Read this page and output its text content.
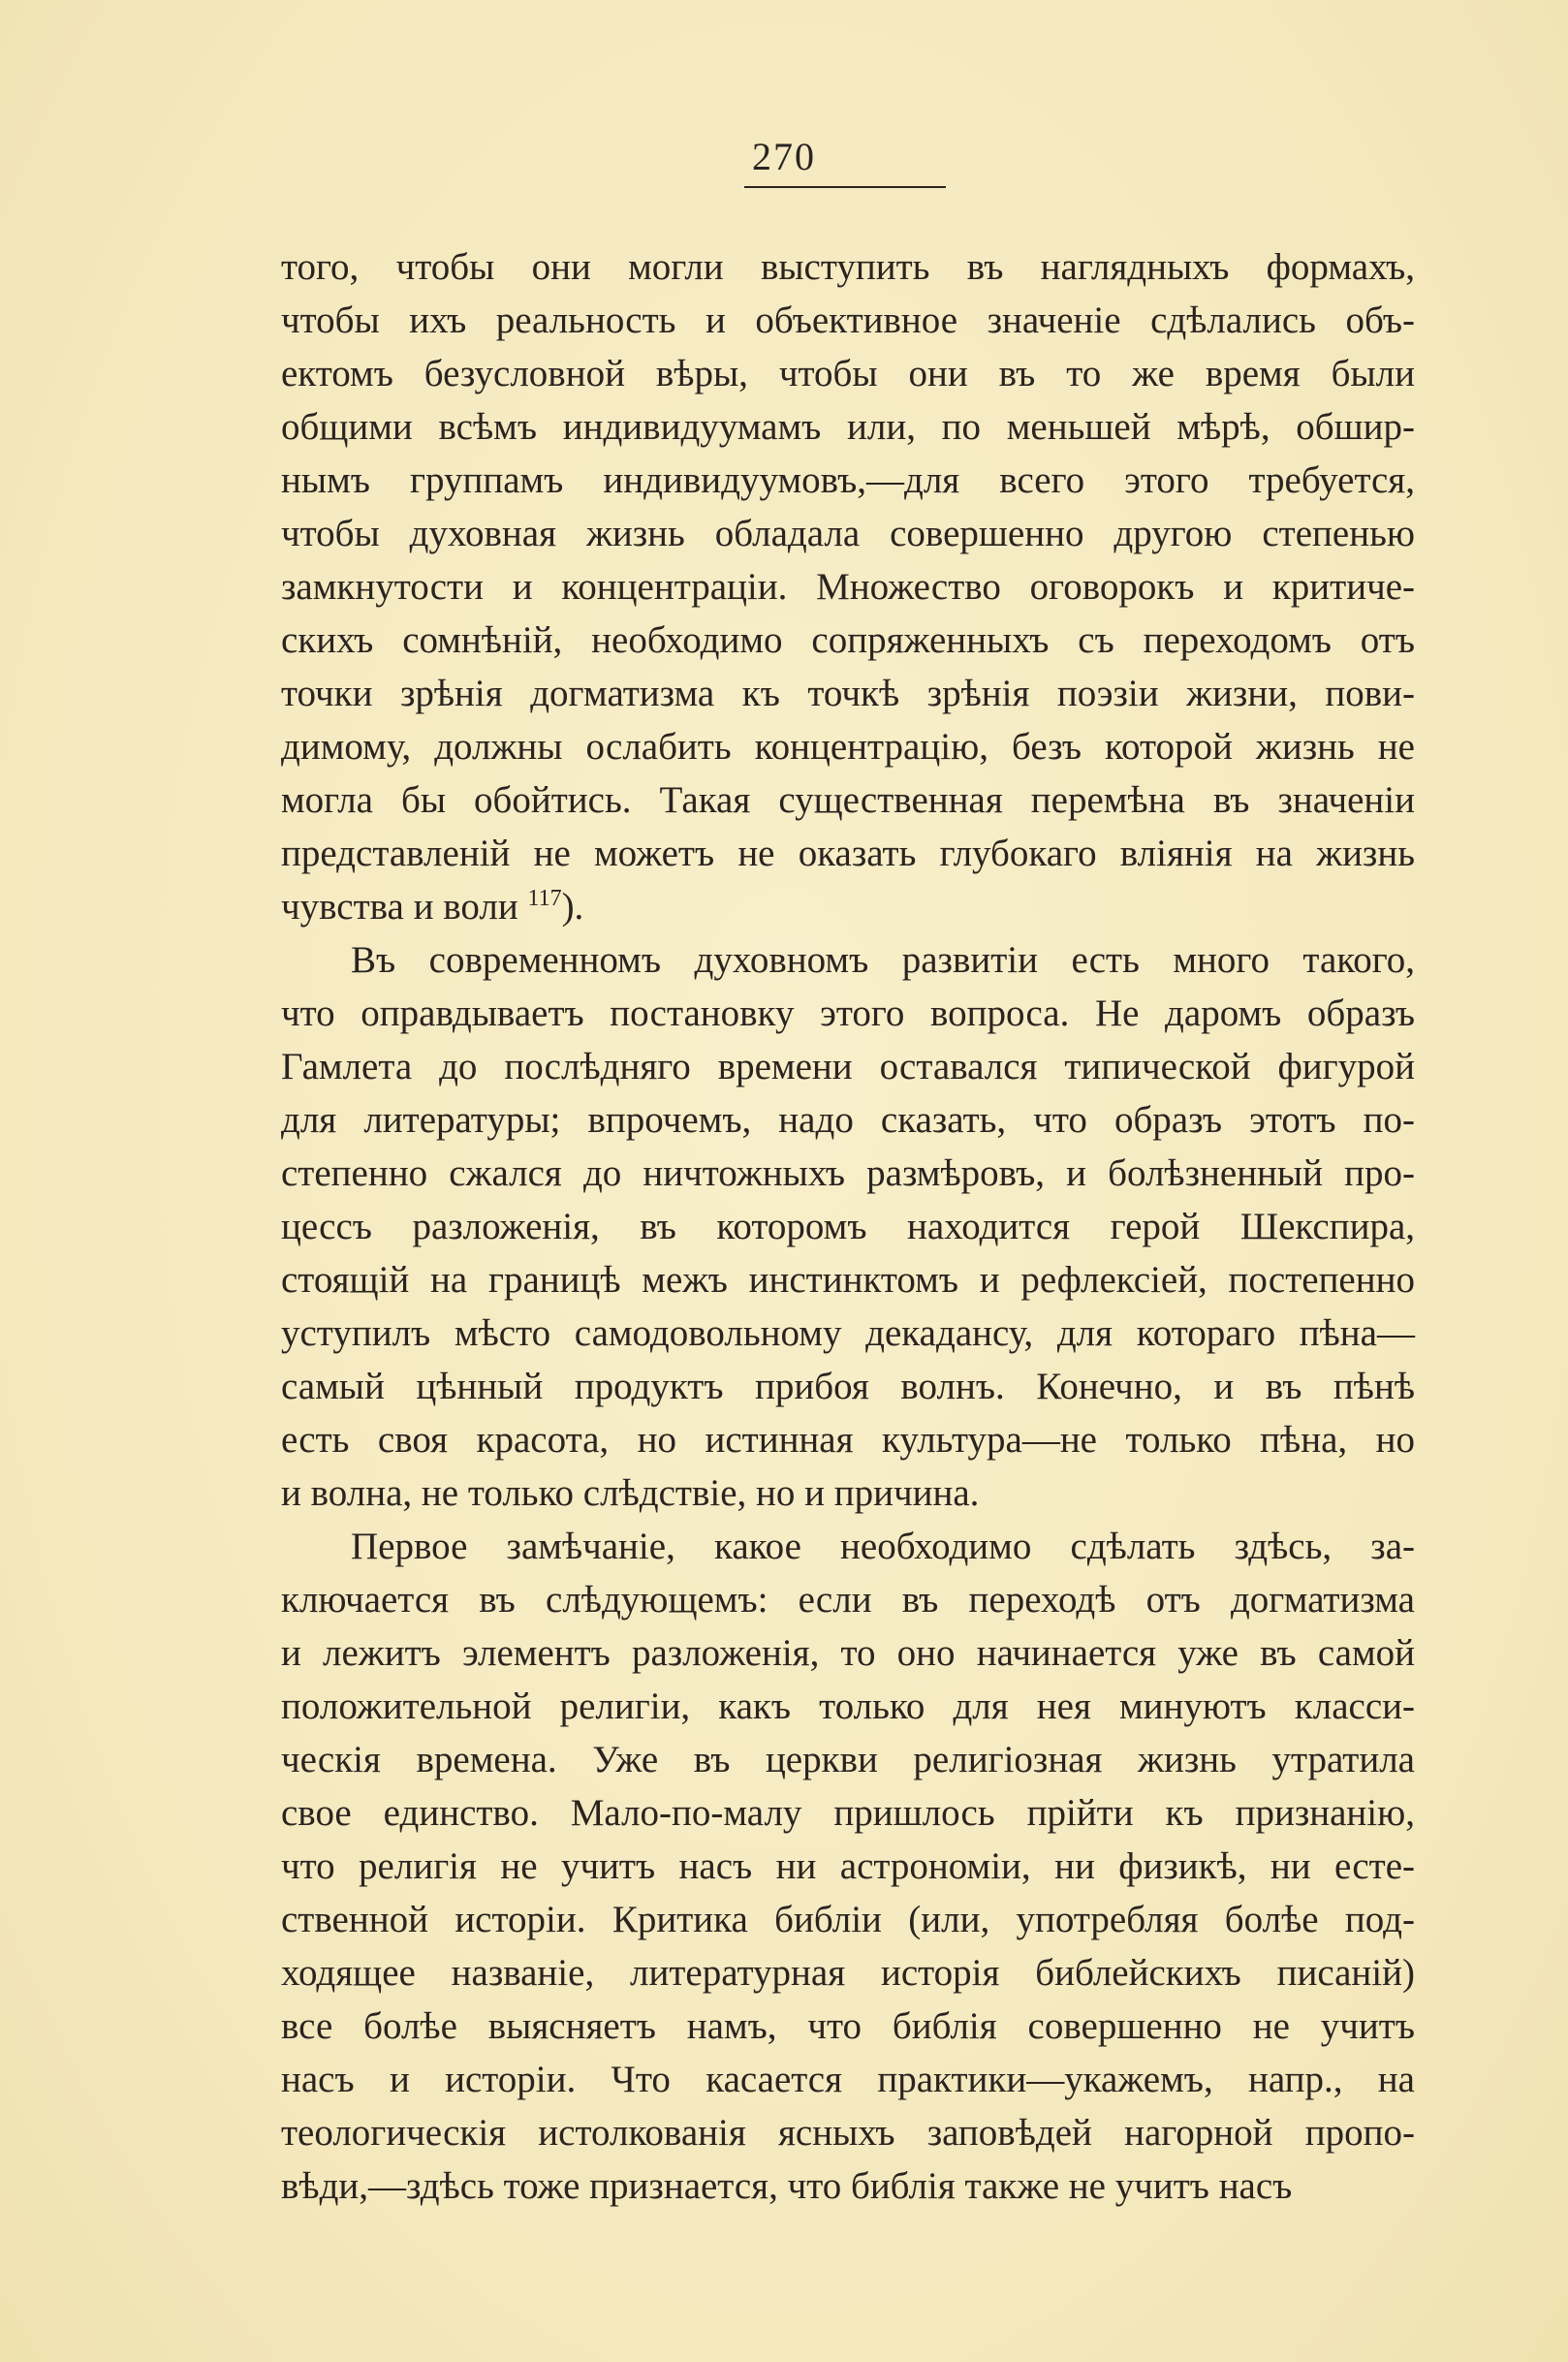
270
того, чтобы они могли выступить въ наглядныхъ формахъ,
чтобы ихъ реальность и объективное значенiе сдѣлались объ-
ектомъ безусловной вѣры, чтобы они въ то же время были
общими всѣмъ индивидуумамъ или, по меньшей мѣрѣ, обшир-
нымъ группамъ индивидуумовъ,—для всего этого требуется,
чтобы духовная жизнь обладала совершенно другою степенью
замкнутости и концентрацiи. Множество оговорокъ и критиче-
скихъ сомнѣнiй, необходимо сопряженныхъ съ переходомъ отъ
точки зрѣнiя догматизма къ точкѣ зрѣнiя поэзiи жизни, пови-
димому, должны ослабить концентрацiю, безъ которой жизнь не
могла бы обойтись. Такая существенная перемѣна въ значенiи
представленiй не можетъ не оказать глубокаго влiянiя на жизнь
чувства и воли $^{117}$).
Въ современномъ духовномъ развитiи есть много такого,
что оправдываетъ постановку этого вопроса. Не даромъ образъ
Гамлета до послѣдняго времени оставался типической фигурой
для литературы; впрочемъ, надо сказать, что образъ этотъ по-
степенно сжался до ничтожныхъ размѣровъ, и болѣзненный про-
цессъ разложенiя, въ которомъ находится герой Шекспира,
стоящiй на границѣ межъ инстинктомъ и рефлексiей, постепенно
уступилъ мѣсто самодовольному декадансу, для котораго пѣна—
самый цѣнный продуктъ прибоя волнъ. Конечно, и въ пѣнѣ
есть своя красота, но истинная культура—не только пѣна, но
и волна, не только слѣдствiе, но и причина.
Первое замѣчанiе, какое необходимо сдѣлать здѣсь, за-
ключается въ слѣдующемъ: если въ переходѣ отъ догматизма
и лежитъ элементъ разложенiя, то оно начинается уже въ самой
положительной религiи, какъ только для нея минуютъ класси-
ческiя времена. Уже въ церкви религiозная жизнь утратила
свое единство. Мало-по-малу пришлось прiйти къ признанiю,
что религiя не учитъ насъ ни астрономiи, ни физикѣ, ни есте-
ственной исторiи. Критика библiи (или, употребляя болѣе под-
ходящее названiе, литературная исторiя библейскихъ писанiй)
все болѣе выясняетъ намъ, что библiя совершенно не учитъ
насъ и исторiи. Что касается практики—укажемъ, напр., на
теологическiя истолкованiя ясныхъ заповѣдей нагорной пропо-
вѣди,—здѣсь тоже признается, что библiя также не учитъ насъ
